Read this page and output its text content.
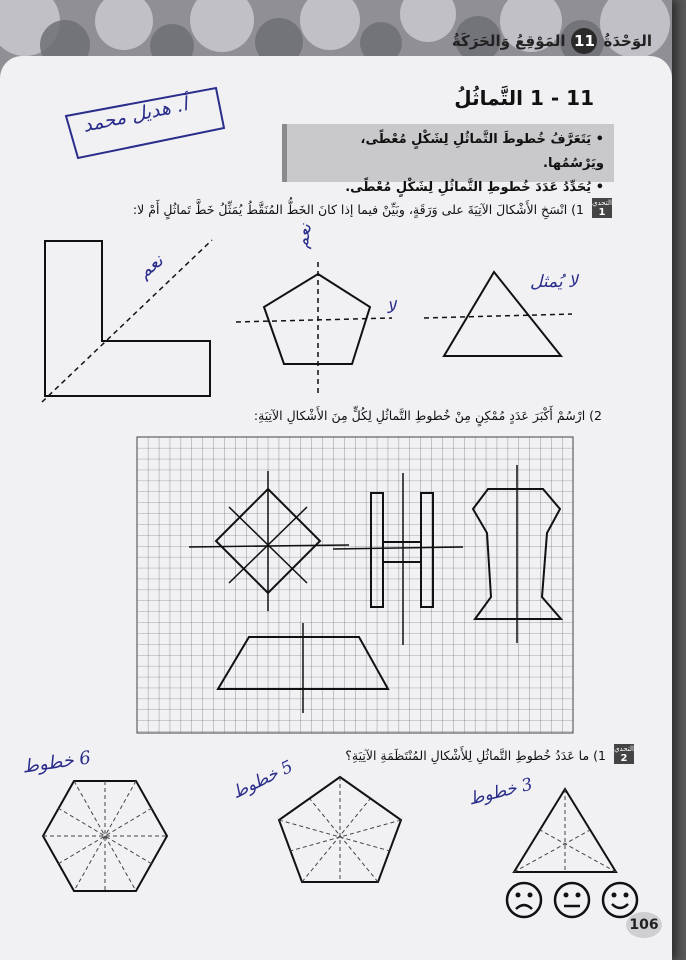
الوَحْدَةُ
11
المَوْقِعُ وَالحَرَكَةُ
أ. هديل محمد	11 - 1 التَّماثُلُ
• يَتَعَرَّفُ خُطوطَ التَّماثُلِ لِشَكْلٍ مُعْطًى، ويَرْسُمُها.
• يُحَدِّدُ عَدَدَ خُطوطِ التَّماثُلِ لِشَكْلٍ مُعْطًى.
التحدي
1
1) انْسَخِ الأَشْكالَ الآتِيَةَ على وَرَقَةٍ، وبَيِّنْ فيما إذا كانَ الخَطُّ المُنَقَّطُ يُمَثِّلُ خَطَّ تَماثُلٍ أَمْ لا:
نعم
نعم
لا
لا يُمثل
2) ارْسُمْ أَكْبَرَ عَدَدٍ مُمْكِنٍ مِنْ خُطوطِ التَّماثُلِ لِكُلٍّ مِنَ الأَشْكالِ الآتِيَةِ:
التحدي
2
1) ما عَدَدُ خُطوطِ التَّماثُلِ لِلأَشْكالِ المُنْتَظَمَةِ الآتِيَةِ؟
6 خطوط
5 خطوط
3 خطوط
106
